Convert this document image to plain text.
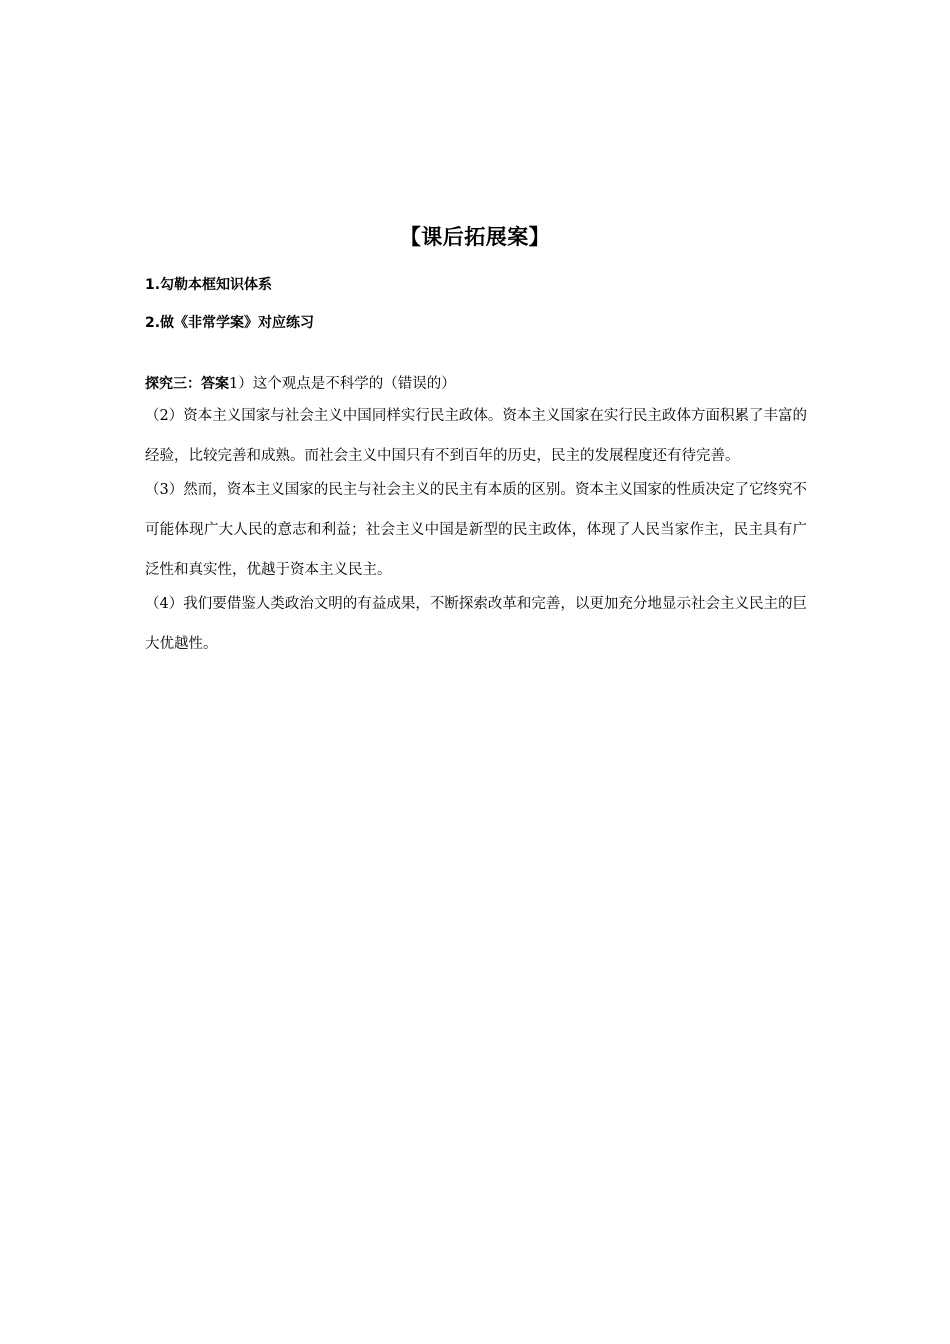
【课后拓展案】
1.勾勒本框知识体系
2.做《非常学案》对应练习
探究三：答案1）这个观点是不科学的（错误的）

（2）资本主义国家与社会主义中国同样实行民主政体。资本主义国家在实行民主政体方面积累了丰富的经验，比较完善和成熟。而社会主义中国只有不到百年的历史，民主的发展程度还有待完善。

（3）然而，资本主义国家的民主与社会主义的民主有本质的区别。资本主义国家的性质决定了它终究不可能体现广大人民的意志和利益；社会主义中国是新型的民主政体，体现了人民当家作主，民主具有广泛性和真实性，优越于资本主义民主。

（4）我们要借鉴人类政治文明的有益成果，不断探索改革和完善，以更加充分地显示社会主义民主的巨大优越性。
